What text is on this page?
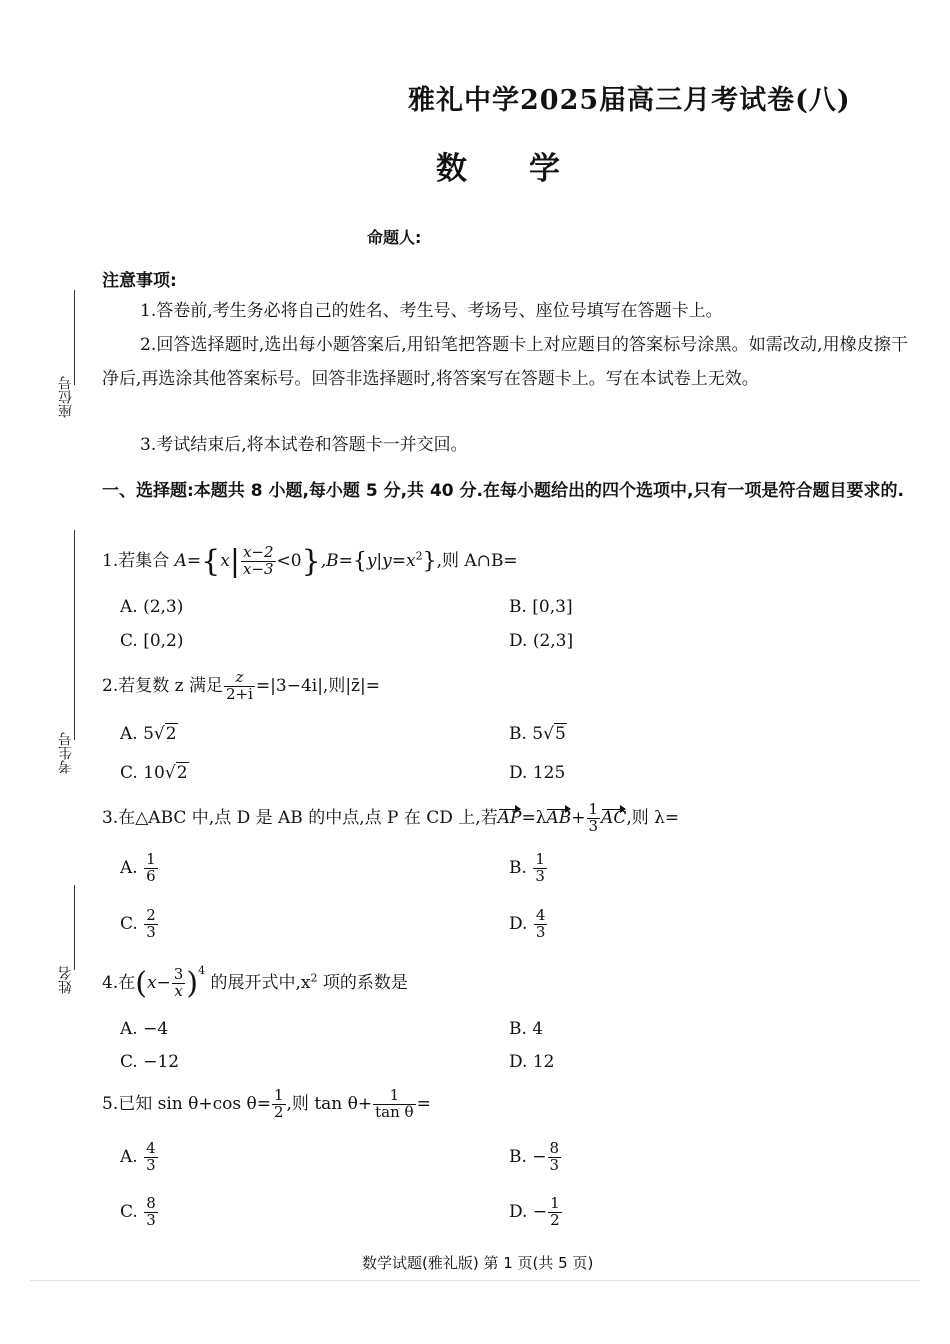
雅礼中学2025届高三月考试卷(八)
数 学
命题人:
座位号
考生号
姓名
注意事项:
1.答卷前,考生务必将自己的姓名、考生号、考场号、座位号填写在答题卡上。
2.回答选择题时,选出每小题答案后,用铅笔把答题卡上对应题目的答案标号涂黑。如需改动,用橡皮擦干净后,再选涂其他答案标号。回答非选择题时,将答案写在答题卡上。写在本试卷上无效。
3.考试结束后,将本试卷和答题卡一并交回。
一、选择题:本题共 8 小题,每小题 5 分,共 40 分.在每小题给出的四个选项中,只有一项是符合题目要求的.
1.若集合 $A=\{x| \frac{x-2}{x-3} <0\},B=\{y|y=x^2\}$,则 A∩B=
A. (2,3)	B. [0,3]
C. [0,2)	D. (2,3]
2.若复数 z 满足 $\frac{z}{2+i} =|3-4i|$,则|z̄|=
A. 5√2	B. 5√5
C. 10√2	D. 125
3.在△ABC 中,点 D 是 AB 的中点,点 P 在 CD 上,若$AP=\lambda AB+ \frac{1}{3}$ AC,则 λ=
A. $\frac{1}{6}$	B. $\frac{1}{3}$
C. $\frac{2}{3}$	D. $\frac{4}{3}$
4.在$(x- \frac{3}{x} )^4$ 的展开式中$,x^2$ 项的系数是
A. −4	B. 4
C. −12	D. 12
5.已知 sin θ+cos $\theta= \frac{1}{2}$ ,则 $\tan \theta+ \frac{1}{\text{tan θ}}$ =
A. $\frac{4}{3}$	B. − $\frac{8}{3}$
C. $\frac{8}{3}$	D. − $\frac{1}{2}$
数学试题(雅礼版) 第 1 页(共 5 页)
